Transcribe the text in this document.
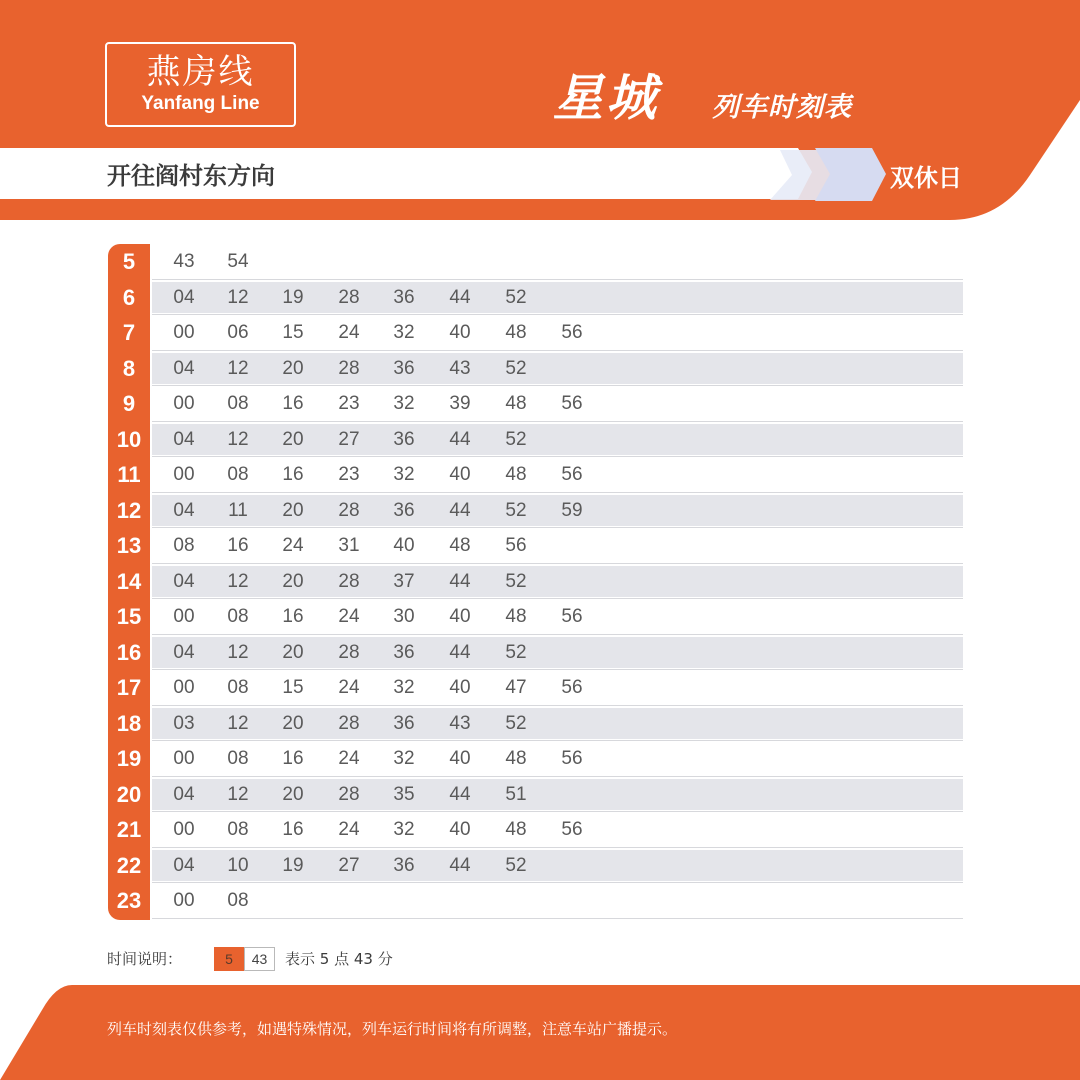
燕房线
Yanfang Line	星城 列车时刻表
开往阎村东方向	双休日
5	43	54
6	04	12	19	28	36	44	52
7	00	06	15	24	32	40	48	56
8	04	12	20	28	36	43	52
9	00	08	16	23	32	39	48	56
10	04	12	20	27	36	44	52
11	00	08	16	23	32	40	48	56
12	04	11	20	28	36	44	52	59
13	08	16	24	31	40	48	56
14	04	12	20	28	37	44	52
15	00	08	16	24	30	40	48	56
16	04	12	20	28	36	44	52
17	00	08	15	24	32	40	47	56
18	03	12	20	28	36	43	52
19	00	08	16	24	32	40	48	56
20	04	12	20	28	35	44	51
21	00	08	16	24	32	40	48	56
22	04	10	19	27	36	44	52
23	00	08
时间说明：	5	43	表示 5 点 43 分
列车时刻表仅供参考，如遇特殊情况，列车运行时间将有所调整，注意车站广播提示。
